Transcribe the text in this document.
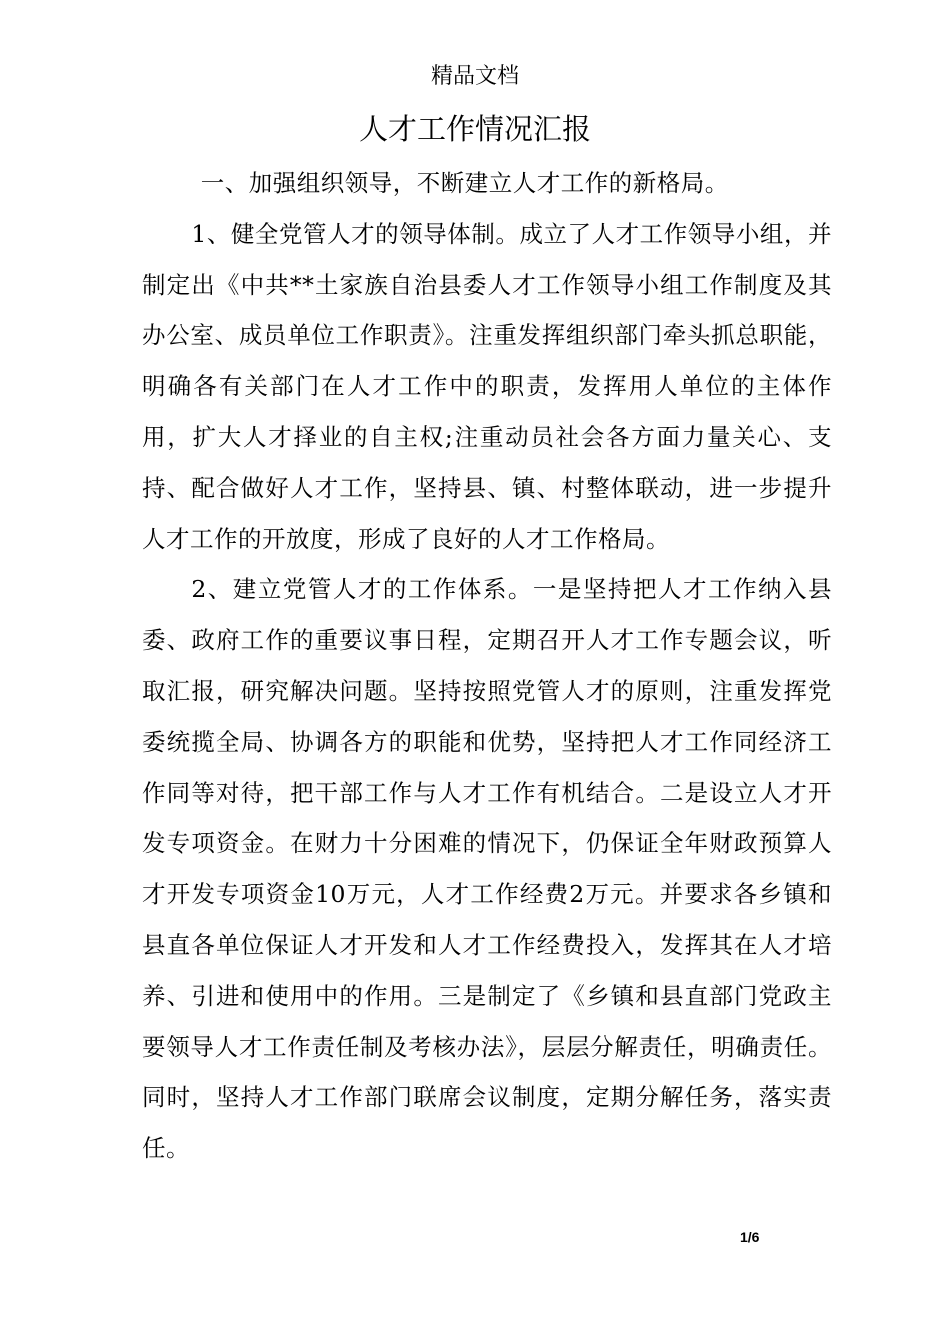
精品文档
人才工作情况汇报

一、加强组织领导，不断建立人才工作的新格局。

1、健全党管人才的领导体制。成立了人才工作领导小组，并制定出《中共**土家族自治县委人才工作领导小组工作制度及其办公室、成员单位工作职责》。注重发挥组织部门牵头抓总职能，明确各有关部门在人才工作中的职责，发挥用人单位的主体作用，扩大人才择业的自主权;注重动员社会各方面力量关心、支持、配合做好人才工作，坚持县、镇、村整体联动，进一步提升人才工作的开放度，形成了良好的人才工作格局。

2、建立党管人才的工作体系。一是坚持把人才工作纳入县委、政府工作的重要议事日程，定期召开人才工作专题会议，听取汇报，研究解决问题。坚持按照党管人才的原则，注重发挥党委统揽全局、协调各方的职能和优势，坚持把人才工作同经济工作同等对待，把干部工作与人才工作有机结合。二是设立人才开发专项资金。在财力十分困难的情况下，仍保证全年财政预算人才开发专项资金10万元，人才工作经费2万元。并要求各乡镇和县直各单位保证人才开发和人才工作经费投入，发挥其在人才培养、引进和使用中的作用。三是制定了《乡镇和县直部门党政主要领导人才工作责任制及考核办法》，层层分解责任，明确责任。同时，坚持人才工作部门联席会议制度，定期分解任务，落实责任。

1/6
